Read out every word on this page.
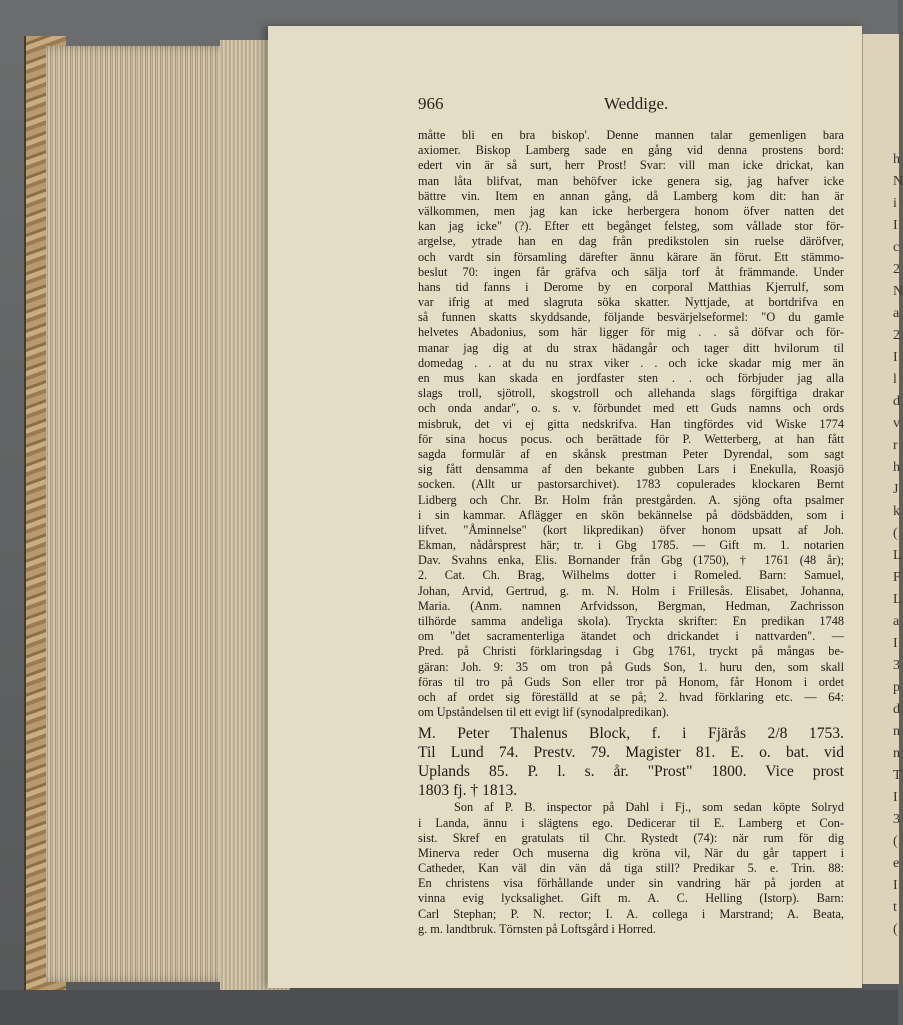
h
N
i
I
c
2
N
a
2
I
l
d
v
r
h
J
k
(
L
F
L
a
I
3
p
d
n
n
T
I
3
(
e
I
t
(
966	Weddige.
måtte bli en bra biskop'. Denne mannen talar gemenligen bara
axiomer. Biskop Lamberg sade en gång vid denna prostens bord:
edert vin är så surt, herr Prost! Svar: vill man icke drickat, kan
man låta blifvat, man behöfver icke genera sig, jag hafver icke
bättre vin. Item en annan gång, då Lamberg kom dit: han är
välkommen, men jag kan icke herbergera honom öfver natten det
kan jag icke" (?). Efter ett begånget felsteg, som vållade stor för-
argelse, ytrade han en dag från predikstolen sin ruelse däröfver,
och vardt sin församling därefter ännu kärare än förut. Ett stämmo-
beslut 70: ingen får gräfva och sälja torf åt främmande. Under
hans tid fanns i Derome by en corporal Matthias Kjerrulf, som
var ifrig at med slagruta söka skatter. Nyttjade, at bortdrifva en
så funnen skatts skyddsande, följande besvärjelseformel: "O du gamle
helvetes Abadonius, som här ligger för mig . . så döfvar och för-
manar jag dig at du strax hädangår och tager ditt hvilorum til
domedag . . at du nu strax viker . . och icke skadar mig mer än
en mus kan skada en jordfaster sten . . och förbjuder jag alla
slags troll, sjötroll, skogstroll och allehanda slags förgiftiga drakar
och onda andar", o. s. v. förbundet med ett Guds namns och ords
misbruk, det vi ej gitta nedskrifva. Han tingfördes vid Wiske 1774
för sina hocus pocus. och berättade för P. Wetterberg, at han fått
sagda formulär af en skånsk prestman Peter Dyrendal, som sagt
sig fått densamma af den bekante gubben Lars i Enekulla, Roasjö
socken. (Allt ur pastorsarchivet). 1783 copulerades klockaren Bernt
Lidberg och Chr. Br. Holm från prestgården. A. sjöng ofta psalmer
i sin kammar. Aflägger en skön bekännelse på dödsbädden, som i
lifvet. "Åminnelse" (kort likpredikan) öfver honom upsatt af Joh.
Ekman, nådårsprest här; tr. i Gbg 1785. — Gift m. 1. notarien
Dav. Svahns enka, Elis. Bornander från Gbg (1750), † 1761 (48 år);
2. Cat. Ch. Brag, Wilhelms dotter i Romeled. Barn: Samuel,
Johan, Arvid, Gertrud, g. m. N. Holm i Frillesås. Elisabet, Johanna,
Maria. (Anm. namnen Arfvidsson, Bergman, Hedman, Zachrisson
tilhörde samma andeliga skola). Tryckta skrifter: En predikan 1748
om "det sacramenterliga ätandet och drickandet i nattvarden". —
Pred. på Christi förklaringsdag i Gbg 1761, tryckt på mångas be-
gäran: Joh. 9: 35 om tron på Guds Son, 1. huru den, som skall
föras til tro på Guds Son eller tror på Honom, får Honom i ordet
och af ordet sig föreställd at se på; 2. hvad förklaring etc. — 64:
om Upståndelsen til ett evigt lif (synodalpredikan).
M. Peter Thalenus Block, f. i Fjärås 2/8 1753.
Til Lund 74. Prestv. 79. Magister 81. E. o. bat. vid
Uplands 85. P. l. s. år. "Prost" 1800. Vice prost
1803 fj. † 1813.
Son af P. B. inspector på Dahl i Fj., som sedan köpte Solryd
i Landa, ännu i slägtens ego. Dedicerar til E. Lamberg et Con-
sist. Skref en gratulats til Chr. Rystedt (74): när rum för dig
Minerva reder Och muserna dig kröna vil, När du går tappert i
Catheder, Kan väl din vän då tiga still? Predikar 5. e. Trin. 88:
En christens visa förhållande under sin vandring här på jorden at
vinna evig lycksalighet. Gift m. A. C. Helling (Istorp). Barn:
Carl Stephan; P. N. rector; I. A. collega i Marstrand; A. Beata,
g. m. landtbruk. Törnsten på Loftsgård i Horred.
